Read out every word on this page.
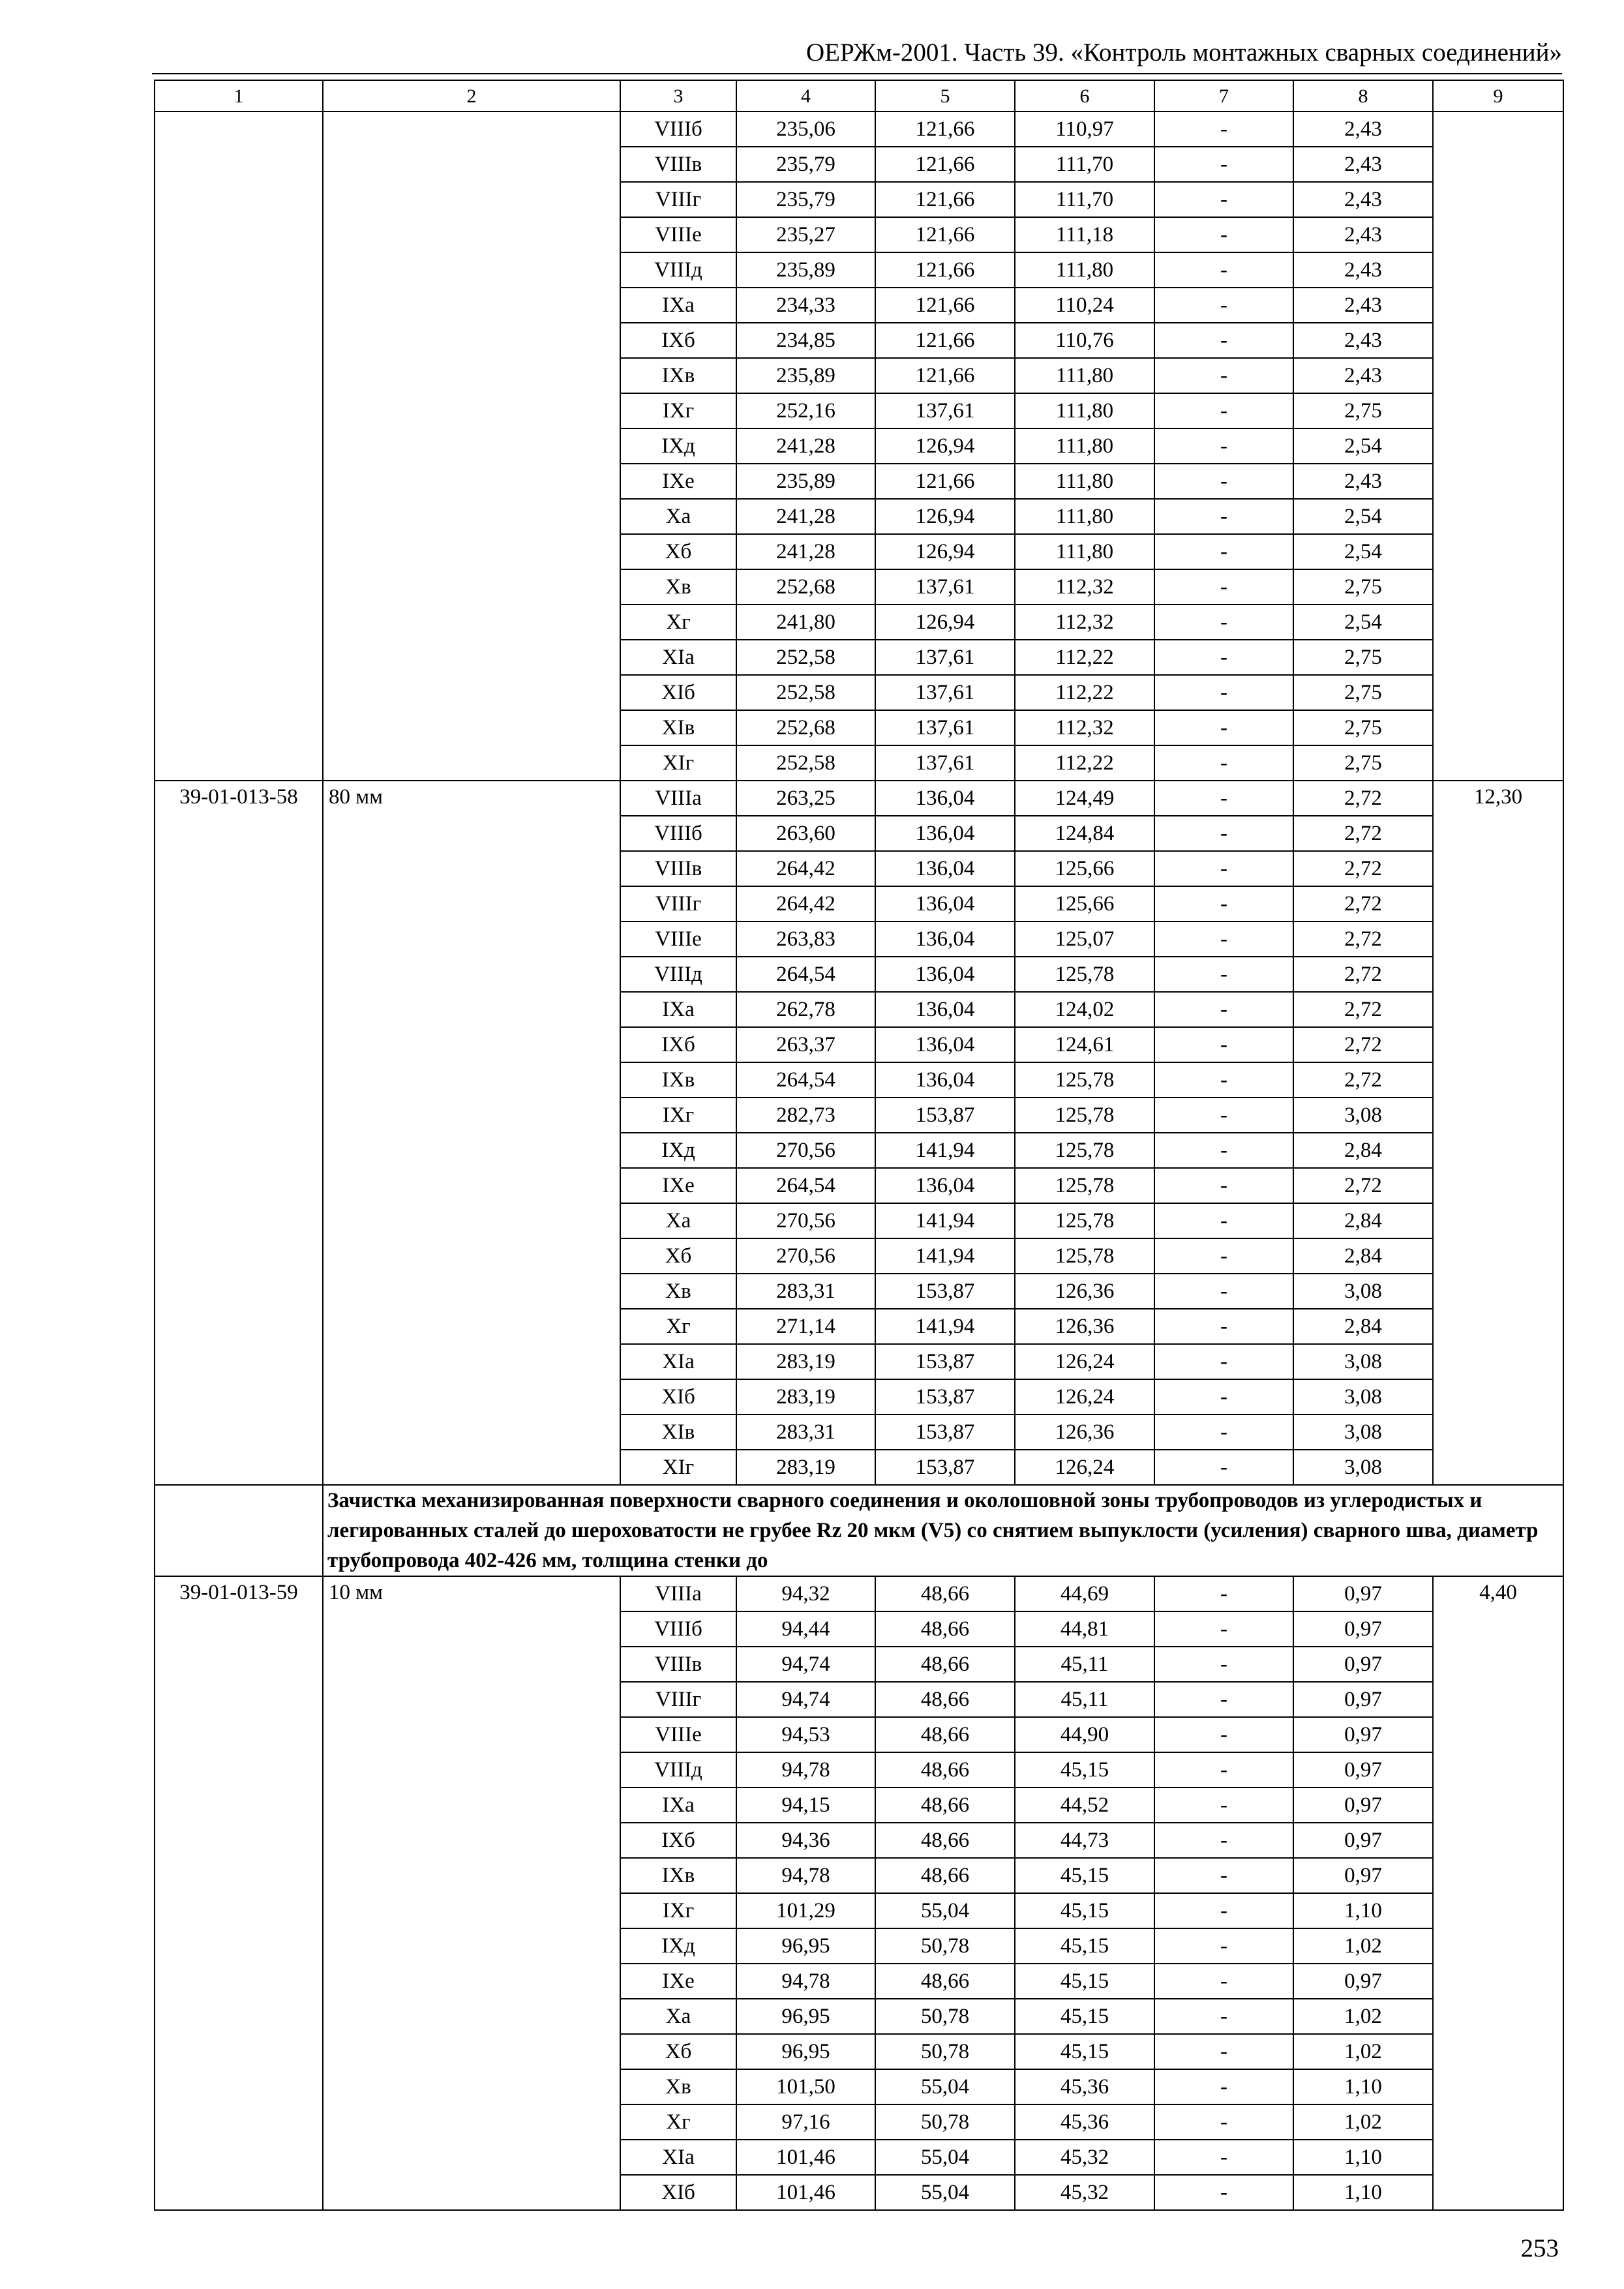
ОЕРЖм-2001. Часть 39. «Контроль монтажных сварных соединений»
1	2	3	4	5	6	7	8	9
		VIIIб	235,06	121,66	110,97	-	2,43	
		VIIIв	235,79	121,66	111,70	-	2,43	
		VIIIг	235,79	121,66	111,70	-	2,43	
		VIIIе	235,27	121,66	111,18	-	2,43	
		VIIIд	235,89	121,66	111,80	-	2,43	
		IXа	234,33	121,66	110,24	-	2,43	
		IXб	234,85	121,66	110,76	-	2,43	
		IXв	235,89	121,66	111,80	-	2,43	
		IXг	252,16	137,61	111,80	-	2,75	
		IXд	241,28	126,94	111,80	-	2,54	
		IXе	235,89	121,66	111,80	-	2,43	
		Xа	241,28	126,94	111,80	-	2,54	
		Xб	241,28	126,94	111,80	-	2,54	
		Xв	252,68	137,61	112,32	-	2,75	
		Xг	241,80	126,94	112,32	-	2,54	
		XIа	252,58	137,61	112,22	-	2,75	
		XIб	252,58	137,61	112,22	-	2,75	
		XIв	252,68	137,61	112,32	-	2,75	
		XIг	252,58	137,61	112,22	-	2,75	
39-01-013-58	80 мм	VIIIа	263,25	136,04	124,49	-	2,72	12,30
		VIIIб	263,60	136,04	124,84	-	2,72	
		VIIIв	264,42	136,04	125,66	-	2,72	
		VIIIг	264,42	136,04	125,66	-	2,72	
		VIIIе	263,83	136,04	125,07	-	2,72	
		VIIIд	264,54	136,04	125,78	-	2,72	
		IXа	262,78	136,04	124,02	-	2,72	
		IXб	263,37	136,04	124,61	-	2,72	
		IXв	264,54	136,04	125,78	-	2,72	
		IXг	282,73	153,87	125,78	-	3,08	
		IXд	270,56	141,94	125,78	-	2,84	
		IXе	264,54	136,04	125,78	-	2,72	
		Xа	270,56	141,94	125,78	-	2,84	
		Xб	270,56	141,94	125,78	-	2,84	
		Xв	283,31	153,87	126,36	-	3,08	
		Xг	271,14	141,94	126,36	-	2,84	
		XIа	283,19	153,87	126,24	-	3,08	
		XIб	283,19	153,87	126,24	-	3,08	
		XIв	283,31	153,87	126,36	-	3,08	
		XIг	283,19	153,87	126,24	-	3,08	
	Зачистка механизированная поверхности сварного соединения и околошовной зоны трубопроводов из углеродистых и легированных сталей до шероховатости не грубее Rz 20 мкм (V5) со снятием выпуклости (усиления) сварного шва, диаметр трубопровода 402-426 мм, толщина стенки до							
39-01-013-59	10 мм	VIIIа	94,32	48,66	44,69	-	0,97	4,40
		VIIIб	94,44	48,66	44,81	-	0,97	
		VIIIв	94,74	48,66	45,11	-	0,97	
		VIIIг	94,74	48,66	45,11	-	0,97	
		VIIIе	94,53	48,66	44,90	-	0,97	
		VIIIд	94,78	48,66	45,15	-	0,97	
		IXа	94,15	48,66	44,52	-	0,97	
		IXб	94,36	48,66	44,73	-	0,97	
		IXв	94,78	48,66	45,15	-	0,97	
		IXг	101,29	55,04	45,15	-	1,10	
		IXд	96,95	50,78	45,15	-	1,02	
		IXе	94,78	48,66	45,15	-	0,97	
		Xа	96,95	50,78	45,15	-	1,02	
		Xб	96,95	50,78	45,15	-	1,02	
		Xв	101,50	55,04	45,36	-	1,10	
		Xг	97,16	50,78	45,36	-	1,02	
		XIа	101,46	55,04	45,32	-	1,10	
		XIб	101,46	55,04	45,32	-	1,10	
253
